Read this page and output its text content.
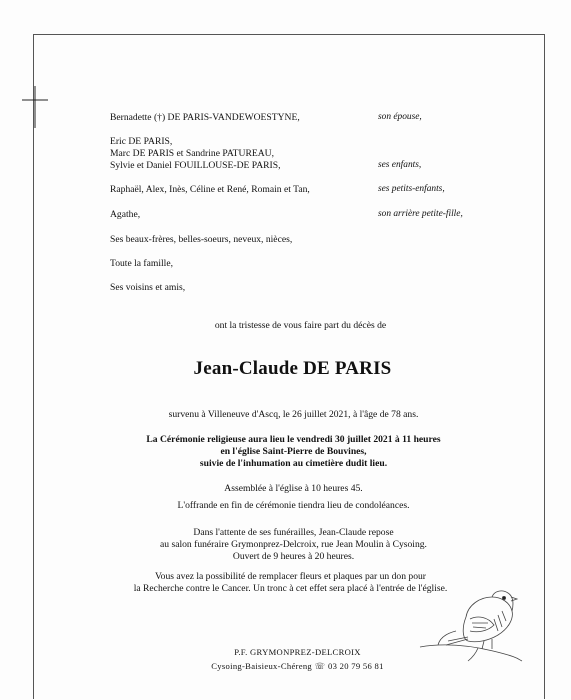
Bernadette (†) DE PARIS-VANDEWOESTYNE,	son épouse,
Eric DE PARIS,
Marc DE PARIS et Sandrine PATUREAU,
Sylvie et Daniel FOUILLOUSE-DE PARIS,	ses enfants,
Raphaël, Alex, Inès, Céline et René, Romain et Tan,	ses petits-enfants,
Agathe,	son arrière petite-fille,
Ses beaux-frères, belles-soeurs, neveux, nièces,
Toute la famille,
Ses voisins et amis,
ont la tristesse de vous faire part du décès de
Jean-Claude DE PARIS
survenu à Villeneuve d'Ascq, le 26 juillet 2021, à l'âge de 78 ans.
La Cérémonie religieuse aura lieu le vendredi 30 juillet 2021 à 11 heures
en l'église Saint-Pierre de Bouvines,
suivie de l'inhumation au cimetière dudit lieu.
Assemblée à l'église à 10 heures 45.
L'offrande en fin de cérémonie tiendra lieu de condoléances.
Dans l'attente de ses funérailles, Jean-Claude repose
au salon funéraire Grymonprez-Delcroix, rue Jean Moulin à Cysoing.
Ouvert de 9 heures à 20 heures.
Vous avez la possibilité de remplacer fleurs et plaques par un don pour
la Recherche contre le Cancer. Un tronc à cet effet sera placé à l'entrée de l'église.
P.F. GRYMONPREZ-DELCROIX
Cysoing-Baisieux-Chéreng ☏ 03 20 79 56 81
